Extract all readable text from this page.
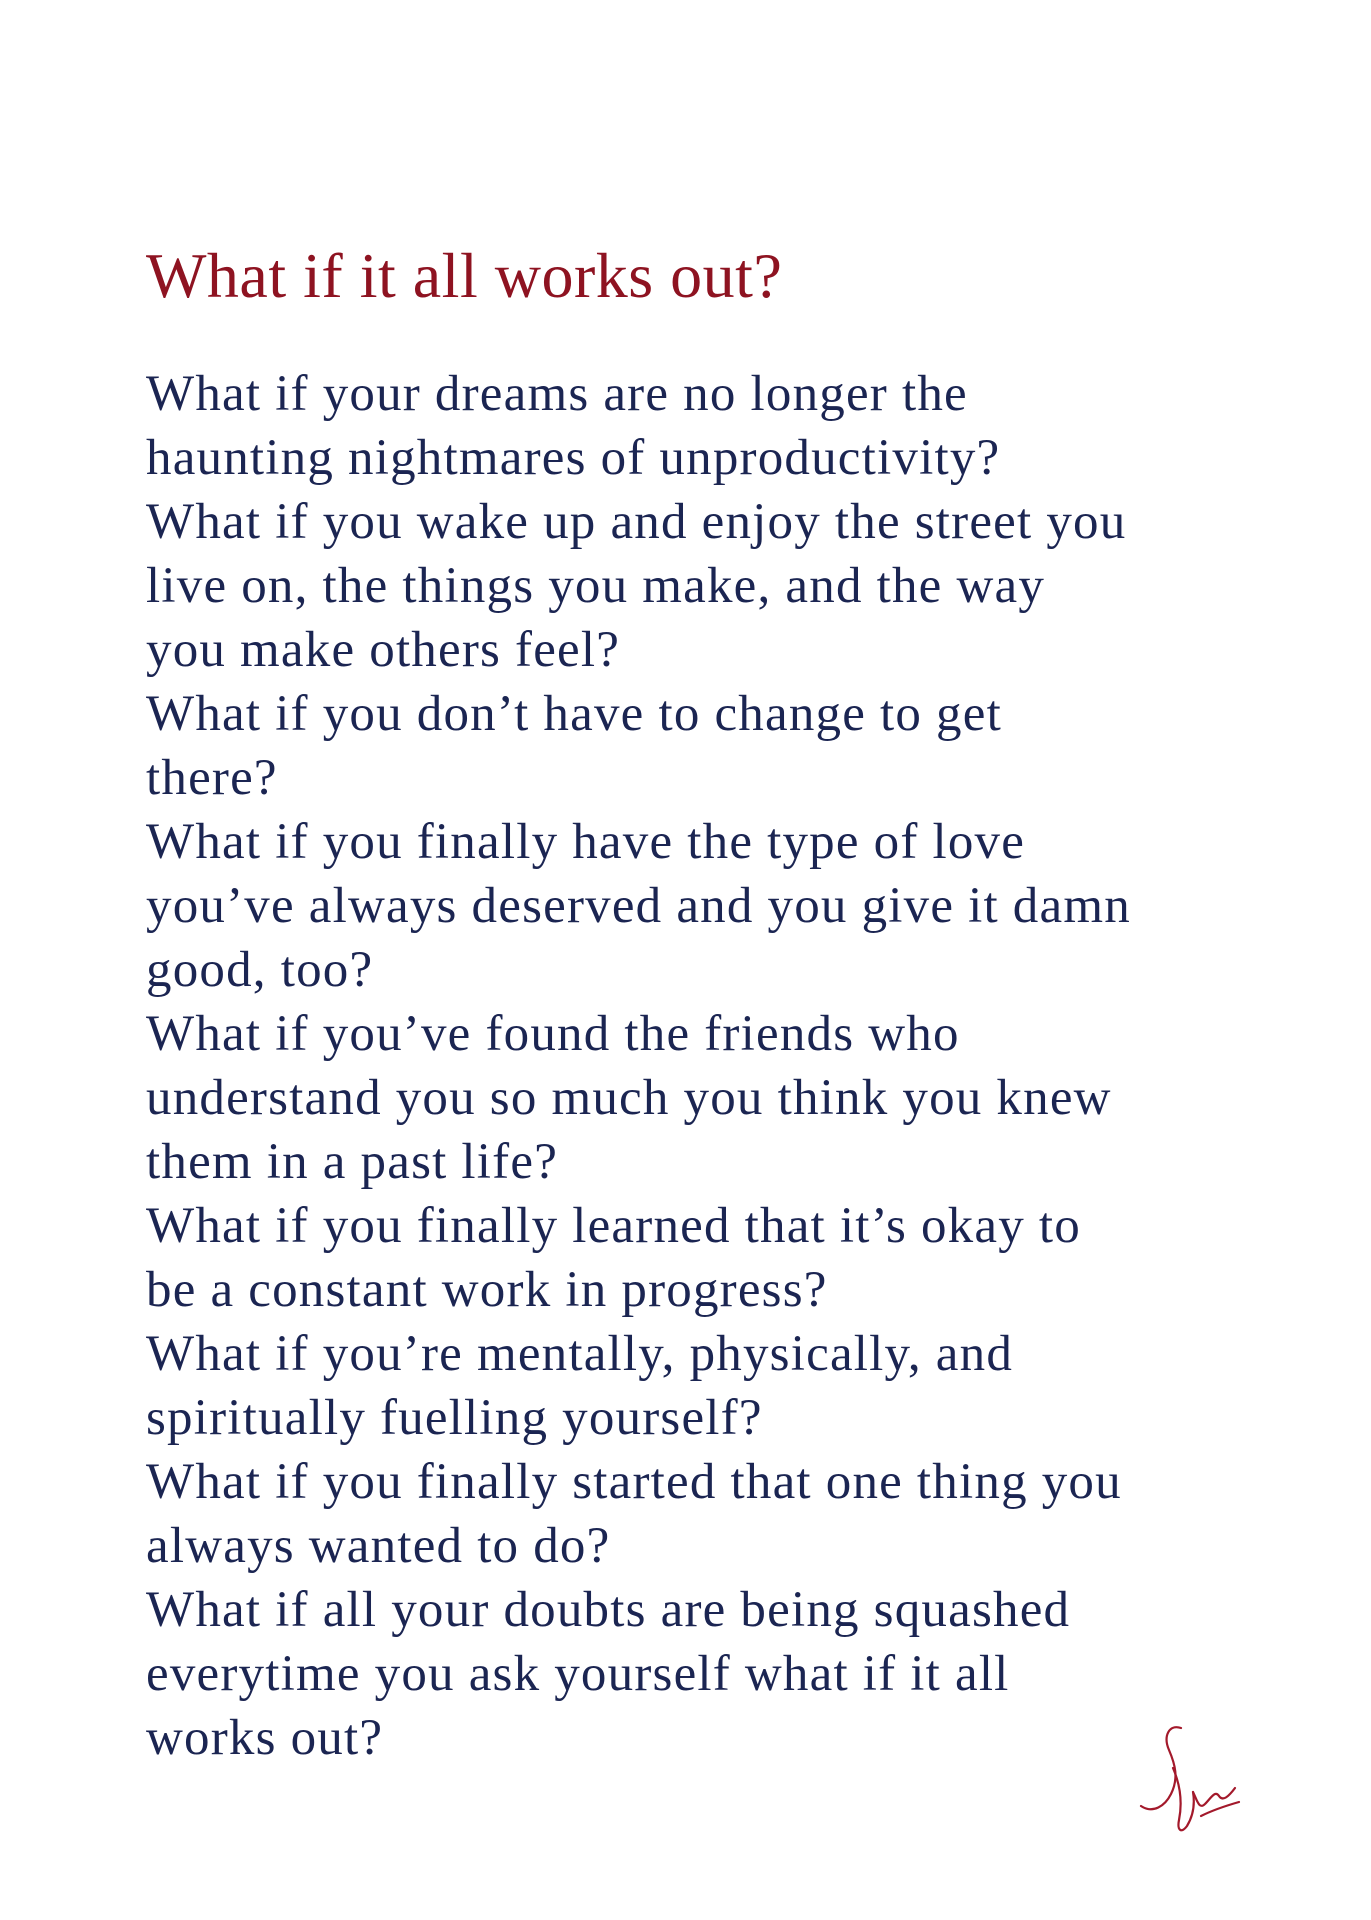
What if it all works out?
What if your dreams are no longer the
haunting nightmares of unproductivity?
What if you wake up and enjoy the street you
live on, the things you make, and the way
you make others feel?
What if you don’t have to change to get
there?
What if you finally have the type of love
you’ve always deserved and you give it damn
good, too?
What if you’ve found the friends who
understand you so much you think you knew
them in a past life?
What if you finally learned that it’s okay to
be a constant work in progress?
What if you’re mentally, physically, and
spiritually fuelling yourself?
What if you finally started that one thing you
always wanted to do?
What if all your doubts are being squashed
everytime you ask yourself what if it all
works out?
